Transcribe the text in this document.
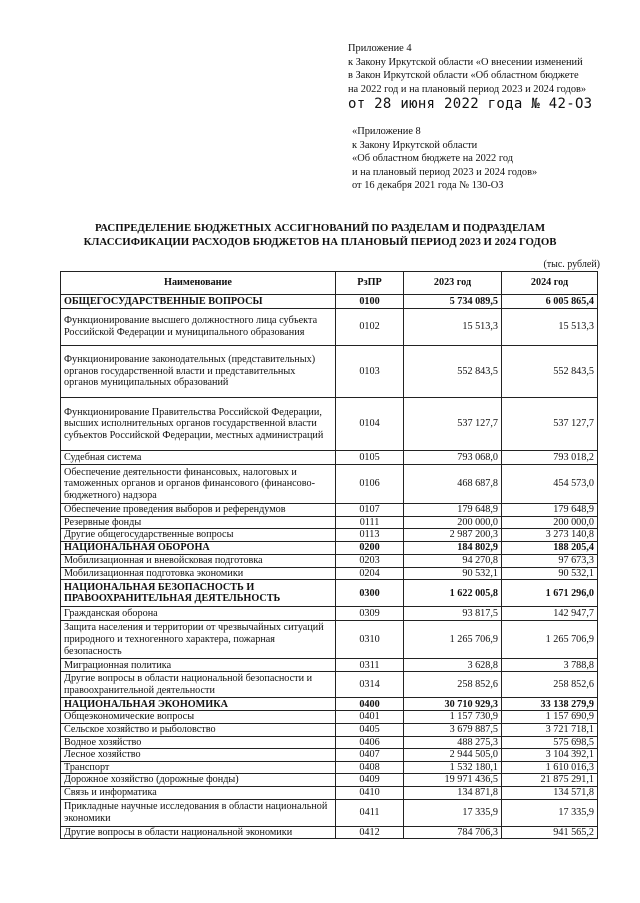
Приложение 4
к Закону Иркутской области «О внесении изменений
в Закон Иркутской области «Об областном бюджете
на 2022 год и на плановый период 2023 и 2024 годов»
от 28 июня 2022 года № 42-ОЗ
«Приложение 8
к Закону Иркутской области
«Об областном бюджете на 2022 год
и на плановый период 2023 и 2024 годов»
от 16 декабря 2021 года № 130-ОЗ
РАСПРЕДЕЛЕНИЕ БЮДЖЕТНЫХ АССИГНОВАНИЙ ПО РАЗДЕЛАМ И ПОДРАЗДЕЛАМ
КЛАССИФИКАЦИИ РАСХОДОВ БЮДЖЕТОВ НА ПЛАНОВЫЙ ПЕРИОД 2023 И 2024 ГОДОВ
(тыс. рублей)
Наименование	РзПР	2023 год	2024 год
ОБЩЕГОСУДАРСТВЕННЫЕ ВОПРОСЫ	0100	5 734 089,5	6 005 865,4
Функционирование высшего должностного лица субъекта Российской Федерации и муниципального образования	0102	15 513,3	15 513,3
Функционирование законодательных (представительных) органов государственной власти и представительных органов муниципальных образований	0103	552 843,5	552 843,5
Функционирование Правительства Российской Федерации, высших исполнительных органов государственной власти субъектов Российской Федерации, местных администраций	0104	537 127,7	537 127,7
Судебная система	0105	793 068,0	793 018,2
Обеспечение деятельности финансовых, налоговых и таможенных органов и органов финансового (финансово-бюджетного) надзора	0106	468 687,8	454 573,0
Обеспечение проведения выборов и референдумов	0107	179 648,9	179 648,9
Резервные фонды	0111	200 000,0	200 000,0
Другие общегосударственные вопросы	0113	2 987 200,3	3 273 140,8
НАЦИОНАЛЬНАЯ ОБОРОНА	0200	184 802,9	188 205,4
Мобилизационная и вневойсковая подготовка	0203	94 270,8	97 673,3
Мобилизационная подготовка экономики	0204	90 532,1	90 532,1
НАЦИОНАЛЬНАЯ БЕЗОПАСНОСТЬ И ПРАВООХРАНИТЕЛЬНАЯ ДЕЯТЕЛЬНОСТЬ	0300	1 622 005,8	1 671 296,0
Гражданская оборона	0309	93 817,5	142 947,7
Защита населения и территории от чрезвычайных ситуаций природного и техногенного характера, пожарная безопасность	0310	1 265 706,9	1 265 706,9
Миграционная политика	0311	3 628,8	3 788,8
Другие вопросы в области национальной безопасности и правоохранительной деятельности	0314	258 852,6	258 852,6
НАЦИОНАЛЬНАЯ ЭКОНОМИКА	0400	30 710 929,3	33 138 279,9
Общеэкономические вопросы	0401	1 157 730,9	1 157 690,9
Сельское хозяйство и рыболовство	0405	3 679 887,5	3 721 718,1
Водное хозяйство	0406	488 275,3	575 698,5
Лесное хозяйство	0407	2 944 505,0	3 104 392,1
Транспорт	0408	1 532 180,1	1 610 016,3
Дорожное хозяйство (дорожные фонды)	0409	19 971 436,5	21 875 291,1
Связь и информатика	0410	134 871,8	134 571,8
Прикладные научные исследования в области национальной экономики	0411	17 335,9	17 335,9
Другие вопросы в области национальной экономики	0412	784 706,3	941 565,2
